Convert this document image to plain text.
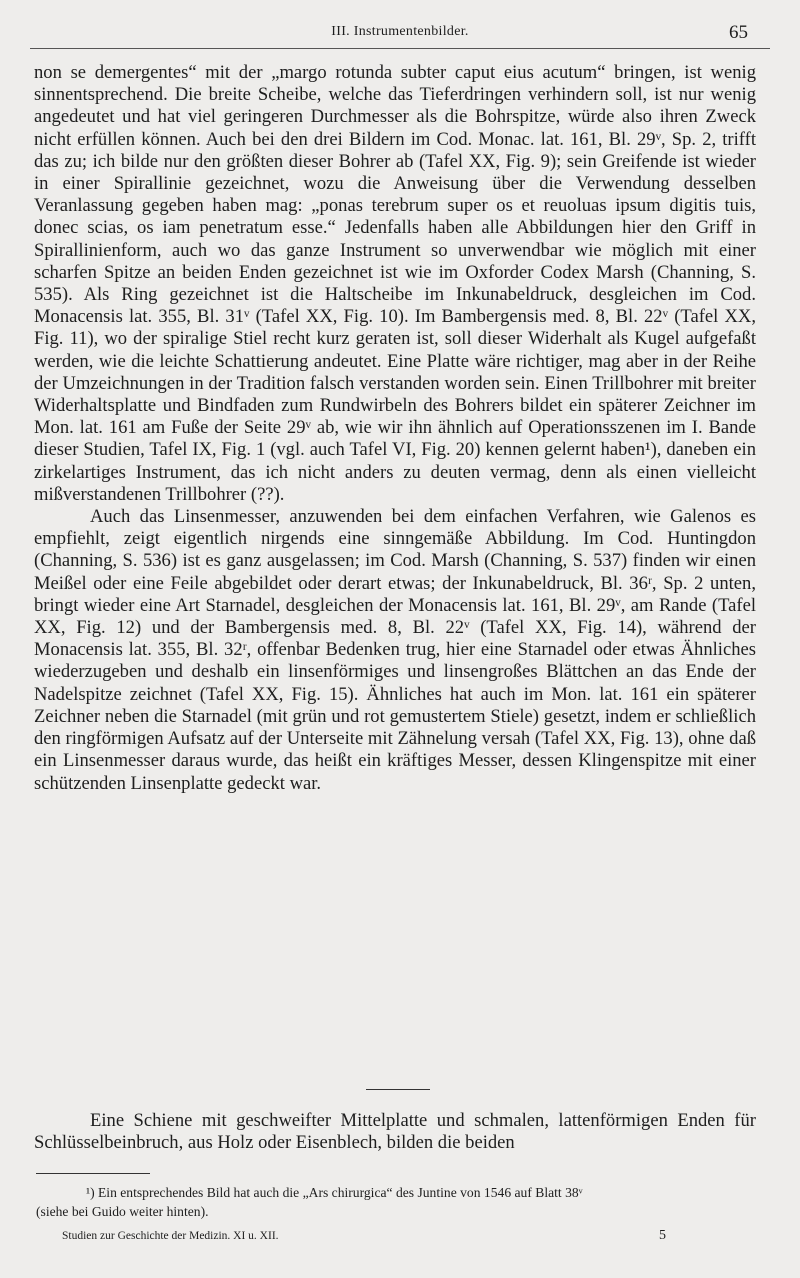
III. Instrumentenbilder.	65

non se demergentes“ mit der „margo rotunda subter caput eius acutum“ bringen, ist wenig sinnentsprechend. Die breite Scheibe, welche das Tieferdringen verhindern soll, ist nur wenig angedeutet und hat viel geringeren Durchmesser als die Bohrspitze, würde also ihren Zweck nicht erfüllen können. Auch bei den drei Bildern im Cod. Monac. lat. 161, Bl. 29ᵛ, Sp. 2, trifft das zu; ich bilde nur den größten dieser Bohrer ab (Tafel XX, Fig. 9); sein Greifende ist wieder in einer Spirallinie gezeichnet, wozu die Anweisung über die Verwendung desselben Veranlassung gegeben haben mag: „ponas terebrum super os et reuoluas ipsum digitis tuis, donec scias, os iam penetratum esse.“ Jedenfalls haben alle Abbildungen hier den Griff in Spirallinienform, auch wo das ganze Instrument so unverwendbar wie möglich mit einer scharfen Spitze an beiden Enden gezeichnet ist wie im Oxforder Codex Marsh (Channing, S. 535). Als Ring gezeichnet ist die Haltscheibe im Inkunabeldruck, desgleichen im Cod. Monacensis lat. 355, Bl. 31ᵛ (Tafel XX, Fig. 10). Im Bambergensis med. 8, Bl. 22ᵛ (Tafel XX, Fig. 11), wo der spiralige Stiel recht kurz geraten ist, soll dieser Widerhalt als Kugel aufgefaßt werden, wie die leichte Schattierung andeutet. Eine Platte wäre richtiger, mag aber in der Reihe der Umzeichnungen in der Tradition falsch verstanden worden sein. Einen Trillbohrer mit breiter Widerhaltsplatte und Bindfaden zum Rundwirbeln des Bohrers bildet ein späterer Zeichner im Mon. lat. 161 am Fuße der Seite 29ᵛ ab, wie wir ihn ähnlich auf Operationsszenen im I. Bande dieser Studien, Tafel IX, Fig. 1 (vgl. auch Tafel VI, Fig. 20) kennen gelernt haben¹), daneben ein zirkelartiges Instrument, das ich nicht anders zu deuten vermag, denn als einen vielleicht mißverstandenen Trillbohrer (??).

Auch das Linsenmesser, anzuwenden bei dem einfachen Verfahren, wie Galenos es empfiehlt, zeigt eigentlich nirgends eine sinngemäße Abbildung. Im Cod. Huntingdon (Channing, S. 536) ist es ganz ausgelassen; im Cod. Marsh (Channing, S. 537) finden wir einen Meißel oder eine Feile abgebildet oder derart etwas; der Inkunabeldruck, Bl. 36ʳ, Sp. 2 unten, bringt wieder eine Art Starnadel, desgleichen der Monacensis lat. 161, Bl. 29ᵛ, am Rande (Tafel XX, Fig. 12) und der Bambergensis med. 8, Bl. 22ᵛ (Tafel XX, Fig. 14), während der Monacensis lat. 355, Bl. 32ʳ, offenbar Bedenken trug, hier eine Starnadel oder etwas Ähnliches wiederzugeben und deshalb ein linsenförmiges und linsengroßes Blättchen an das Ende der Nadelspitze zeichnet (Tafel XX, Fig. 15). Ähnliches hat auch im Mon. lat. 161 ein späterer Zeichner neben die Starnadel (mit grün und rot gemustertem Stiele) gesetzt, indem er schließlich den ringförmigen Aufsatz auf der Unterseite mit Zähnelung versah (Tafel XX, Fig. 13), ohne daß ein Linsenmesser daraus wurde, das heißt ein kräftiges Messer, dessen Klingenspitze mit einer schützenden Linsenplatte gedeckt war.

Eine Schiene mit geschweifter Mittelplatte und schmalen, lattenförmigen Enden für Schlüsselbeinbruch, aus Holz oder Eisenblech, bilden die beiden

¹) Ein entsprechendes Bild hat auch die „Ars chirurgica“ des Juntine von 1546 auf Blatt 38ᵛ

(siehe bei Guido weiter hinten).

Studien zur Geschichte der Medizin. XI u. XII.	5
